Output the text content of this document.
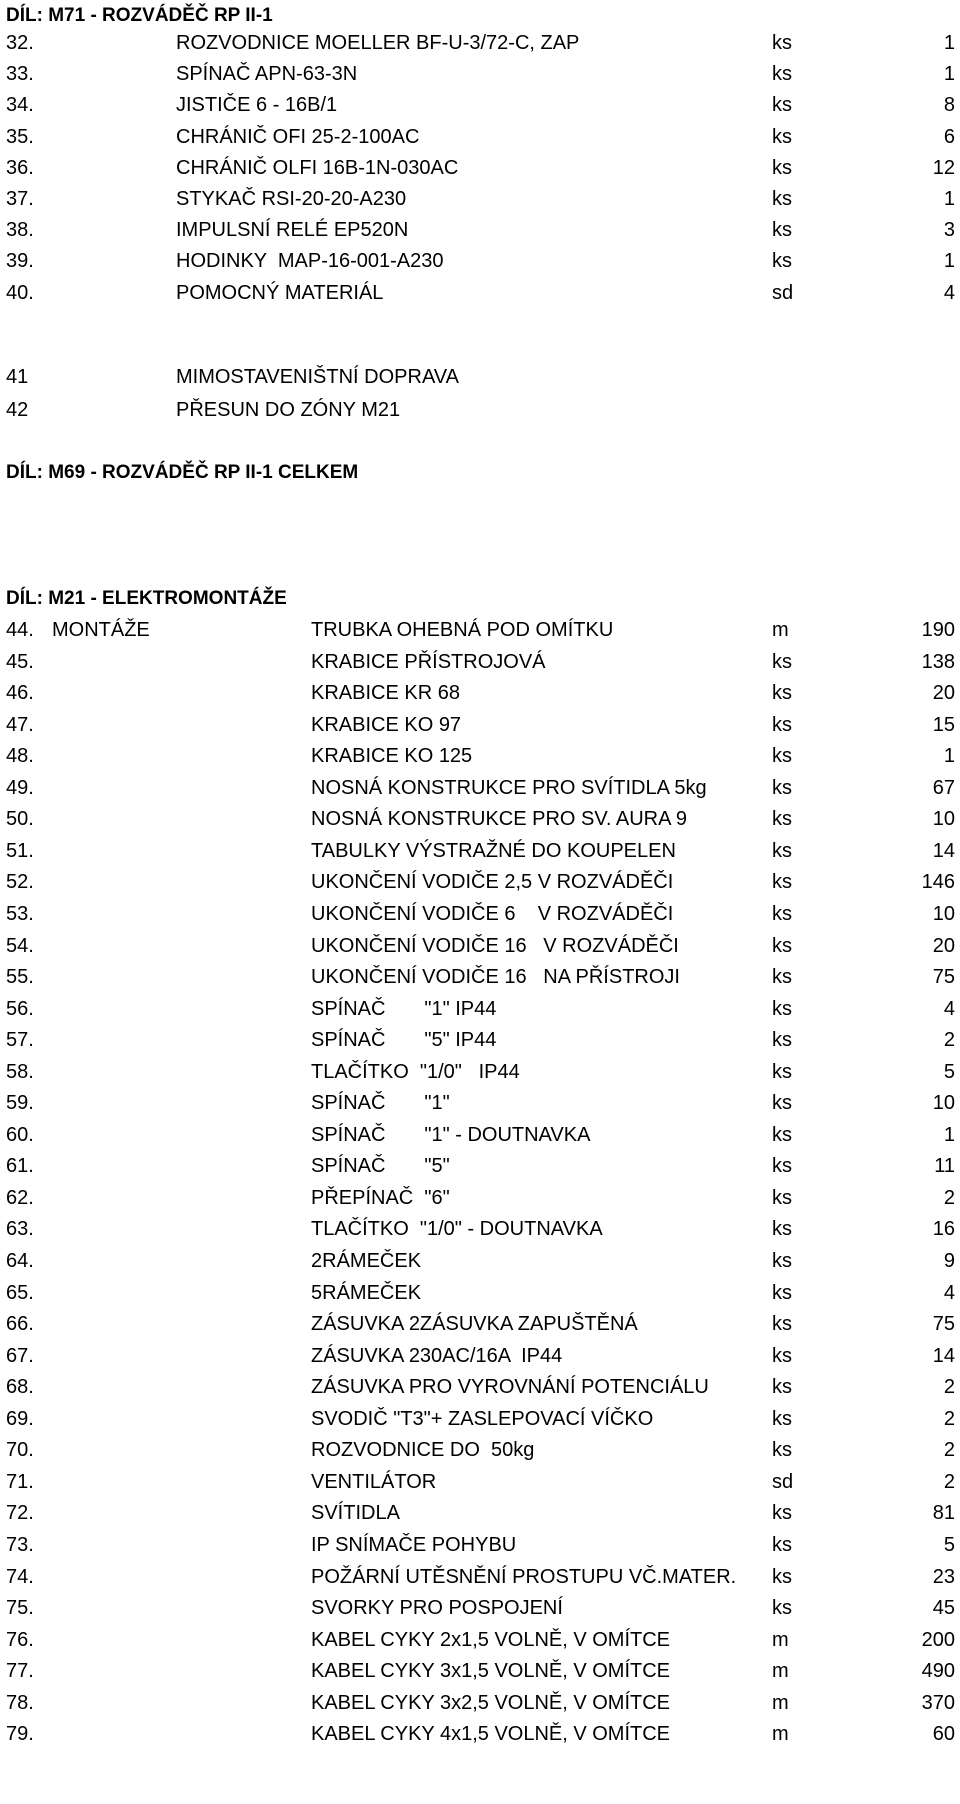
DÍL: M71 - ROZVÁDĚČ RP II-1
32.	ROZVODNICE MOELLER BF-U-3/72-C, ZAP	ks	1
33.	SPÍNAČ APN-63-3N	ks	1
34.	JISTIČE 6 - 16B/1	ks	8
35.	CHRÁNIČ OFI 25-2-100AC	ks	6
36.	CHRÁNIČ OLFI 16B-1N-030AC	ks	12
37.	STYKAČ RSI-20-20-A230	ks	1
38.	IMPULSNÍ RELÉ EP520N	ks	3
39.	HODINKY  MAP-16-001-A230	ks	1
40.	POMOCNÝ MATERIÁL	sd	4
41	MIMOSTAVENIŠTNÍ DOPRAVA
42	PŘESUN DO ZÓNY M21
DÍL: M69 - ROZVÁDĚČ RP II-1 CELKEM
DÍL: M21 - ELEKTROMONTÁŽE
44. MONTÁŽE	TRUBKA OHEBNÁ POD OMÍTKU	m	190
45.	KRABICE PŘÍSTROJOVÁ	ks	138
46.	KRABICE KR 68	ks	20
47.	KRABICE KO 97	ks	15
48.	KRABICE KO 125	ks	1
49.	NOSNÁ KONSTRUKCE PRO SVÍTIDLA 5kg	ks	67
50.	NOSNÁ KONSTRUKCE PRO SV. AURA 9	ks	10
51.	TABULKY VÝSTRAŽNÉ DO KOUPELEN	ks	14
52.	UKONČENÍ VODIČE 2,5 V ROZVÁDĚČI	ks	146
53.	UKONČENÍ VODIČE 6    V ROZVÁDĚČI	ks	10
54.	UKONČENÍ VODIČE 16   V ROZVÁDĚČI	ks	20
55.	UKONČENÍ VODIČE 16   NA PŘÍSTROJI	ks	75
56.	SPÍNAČ       "1" IP44	ks	4
57.	SPÍNAČ       "5" IP44	ks	2
58.	TLAČÍTKO  "1/0"   IP44	ks	5
59.	SPÍNAČ       "1"	ks	10
60.	SPÍNAČ       "1" - DOUTNAVKA	ks	1
61.	SPÍNAČ       "5"	ks	11
62.	PŘEPÍNAČ  "6"	ks	2
63.	TLAČÍTKO  "1/0" - DOUTNAVKA	ks	16
64.	2RÁMEČEK	ks	9
65.	5RÁMEČEK	ks	4
66.	ZÁSUVKA 2ZÁSUVKA ZAPUŠTĚNÁ	ks	75
67.	ZÁSUVKA 230AC/16A  IP44	ks	14
68.	ZÁSUVKA PRO VYROVNÁNÍ POTENCIÁLU	ks	2
69.	SVODIČ "T3"+ ZASLEPOVACÍ VÍČKO	ks	2
70.	ROZVODNICE DO  50kg	ks	2
71.	VENTILÁTOR	sd	2
72.	SVÍTIDLA	ks	81
73.	IP SNÍMAČE POHYBU	ks	5
74.	POŽÁRNÍ UTĚSNĚNÍ PROSTUPU VČ.MATER. ks	23
75.	SVORKY PRO POSPOJENÍ	ks	45
76.	KABEL CYKY 2x1,5 VOLNĚ, V OMÍTCE	m	200
77.	KABEL CYKY 3x1,5 VOLNĚ, V OMÍTCE	m	490
78.	KABEL CYKY 3x2,5 VOLNĚ, V OMÍTCE	m	370
79.	KABEL CYKY 4x1,5 VOLNĚ, V OMÍTCE	m	60
